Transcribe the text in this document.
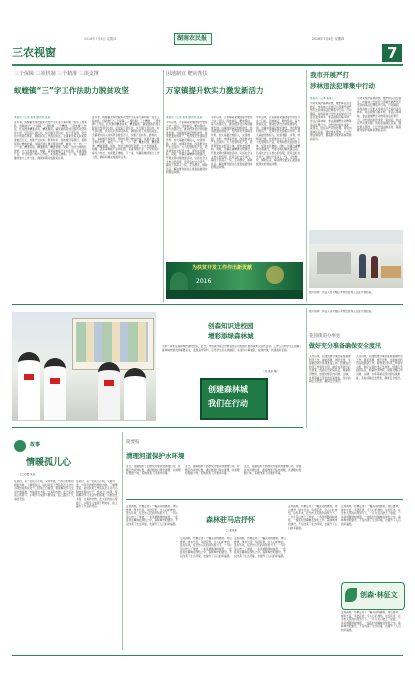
2016年7月8日 星期四	湖南农民报	2016年7月8日 星期四
三农视窗	7
三个保障 三项机制 三个精准 三项支撑
蚁蝰镇“三”字工作法助力脱贫攻坚
本报讯（记者 某某 通讯员 某某）
近年来，蚁蝰镇坚持把脱贫攻坚作为头等大事和第一民生工程来抓，创新推行“三个保障、三项机制、三个精准、三项支撑”工作法，扎实推进精准扶贫、精准脱贫。镇党委政府成立脱贫攻坚领导小组，层层签订责任状，实行镇干部包村、村干部包组、党员包户的责任体系，确保扶贫工作落到实处。全镇累计投入扶贫资金数百万元，实施产业扶贫、教育扶贫、易地搬迁等项目，帮助贫困户增收致富。该镇还建立健全帮扶台账，做到一户一档、一户一策，精准识别、精准施策、精准管理。同时，依托当地特色资源，大力发展油茶、柑橘、蔬菜等种植产业和生猪、家禽养殖产业，引导贫困户参与合作社，实现稳定增收。下一步，该镇将继续加大工作力度，确保如期完成脱贫任务。
近年来，蚁蝰镇坚持把脱贫攻坚作为头等大事和第一民生工程来抓，创新推行“三个保障、三项机制、三个精准、三项支撑”工作法，扎实推进精准扶贫、精准脱贫。镇党委政府成立脱贫攻坚领导小组，层层签订责任状，实行镇干部包村、村干部包组、党员包户的责任体系，确保扶贫工作落到实处。全镇累计投入扶贫资金数百万元，实施产业扶贫、教育扶贫、易地搬迁等项目，帮助贫困户增收致富。该镇还建立健全帮扶台账，做到一户一档、一户一策，精准识别、精准施策、精准管理。同时，依托当地特色资源，大力发展油茶、柑橘、蔬菜等种植产业和生猪、家禽养殖产业，引导贫困户参与合作社，实现稳定增收。下一步，该镇将继续加大工作力度，确保如期完成脱贫任务。
因地制宜 靶向帮扶
万家镇提升软实力激发新活力
本报讯（记者 某某 通讯员 某某）
今年以来，万家镇紧紧围绕提升软实力这一目标，因地制宜，靶向帮扶，着力改善民生，推动经济社会持续健康发展。该镇加强基层组织建设，选优配强村级班子，发挥党员先锋模范作用；加大基础设施投入，完善道路、水利、电网等设施，改善群众生产生活条件；大力发展特色产业，培育新型农业经营主体，促进农民增收。同时，该镇注重精神文明建设，开展文明村镇创建活动，弘扬社会主义核心价值观，营造良好社会风气。镇村干部深入一线，走访群众，倾听民意，解决群众最关心最直接最现实的利益问题。
今年以来，万家镇紧紧围绕提升软实力这一目标，因地制宜，靶向帮扶，着力改善民生，推动经济社会持续健康发展。该镇加强基层组织建设，选优配强村级班子，发挥党员先锋模范作用；加大基础设施投入，完善道路、水利、电网等设施，改善群众生产生活条件；大力发展特色产业，培育新型农业经营主体，促进农民增收。同时，该镇注重精神文明建设，开展文明村镇创建活动，弘扬社会主义核心价值观，营造良好社会风气。镇村干部深入一线，走访群众，倾听民意，解决群众最关心最直接最现实的利益问题。
今年以来，万家镇紧紧围绕提升软实力这一目标，因地制宜，靶向帮扶，着力改善民生，推动经济社会持续健康发展。该镇加强基层组织建设，选优配强村级班子，发挥党员先锋模范作用；加大基础设施投入，完善道路、水利、电网等设施，改善群众生产生活条件；大力发展特色产业，培育新型农业经营主体，促进农民增收。同时，该镇注重精神文明建设，开展文明村镇创建活动，弘扬社会主义核心价值观，营造良好社会风气。镇村干部深入一线，走访群众，倾听民意，解决群众最关心最直接最现实的利益问题。
为扶贫开发工作作出新贡献
2016
我市开展严打
涉林违法犯罪集中行动
本报讯（记者 某某）
为切实保护森林资源，维护林区治安稳定，市森林公安局近日部署开展严厉打击涉林违法犯罪集中行动。行动期间，各级森林公安机关将重点打击盗伐滥伐林木、非法收购运输木材、非法占用林地、非法猎捕野生动物等违法犯罪行为，对发现的案件线索一查到底，依法从严从快处理。同时加强林区巡查，强化源头管控，广泛开展法制宣传，提高群众保护森林资源的意识。
为切实保护森林资源，维护林区治安稳定，市森林公安局近日部署开展严厉打击涉林违法犯罪集中行动。行动期间，各级森林公安机关将重点打击盗伐滥伐林木、非法收购运输木材、非法占用林地、非法猎捕野生动物等违法犯罪行为，对发现的案件线索一查到底，依法从严从快处理。同时加强林区巡查，强化源头管控，广泛开展法制宣传，提高群众保护森林资源的意识。
图片说明：执法人员对辖区木材经营加工企业开展检查。
创森知识进校园
增彩添绿森林城
为进一步普及森林城市建设知识，近日，市创森办联合市林业局走进校园开展创森知识宣传活动。工作人员向学生们讲解了森林城市建设的重要意义，发放宣传资料，引导学生们从我做起，从身边小事做起，爱绿护绿，共建美好家园。
（吴 某某 摄）
创建森林城
我们在行动
图片说明：执法人员对辖区木材经营加工企业开展检查。
花园街道办事处
做好充分准备确保安全度汛
入汛以来，花园街道办事处高度重视防汛工作，提前部署，周密安排，全面做好防汛各项准备工作。街道成立防汛工作领导小组，制定完善防汛应急预案，组建应急抢险队伍，储备防汛物资，加强对辖区内河道、山塘、水库等重点部位的巡查排查，及时消除安全隐患，确保安全度汛。
入汛以来，花园街道办事处高度重视防汛工作，提前部署，周密安排，全面做好防汛各项准备工作。街道成立防汛工作领导小组，制定完善防汛应急预案，组建应急抢险队伍，储备防汛物资，加强对辖区内河道、山塘、水库等重点部位的巡查排查，及时消除安全隐患，确保安全度汛。
故事
情暖孤儿心
□ 文/图 某某
在某村，有一位孤儿小明，父母早逝，与年迈的奶奶相依为命。了解情况后，驻村扶贫工作队队员主动与小明结成帮扶对子，经常上门看望，帮助解决学习生活中的困难，为他送去书包、文具和衣物。在大家的关心帮助下，小明学习成绩不断进步，脸上露出了久违的笑容。
在某村，有一位孤儿小明，父母早逝，与年迈的奶奶相依为命。了解情况后，驻村扶贫工作队队员主动与小明结成帮扶对子，经常上门看望，帮助解决学习生活中的困难，为他送去书包、文具和衣物。在大家的关心帮助下，小明学习成绩不断进步，脸上露出了久违的笑容。
简要报
清理河道保护水环境
近日，某镇组织干部群众开展河道清理行动，对辖区内河道垃圾、漂浮物进行集中清理，共清理垃圾数十吨，有效改善了河道水环境。
近日，某镇组织干部群众开展河道清理行动，对辖区内河道垃圾、漂浮物进行集中清理，共清理垃圾数十吨，有效改善了河道水环境。
近日，某镇组织干部群众开展河道清理行动，对辖区内河道垃圾、漂浮物进行集中清理，共清理垃圾数十吨，有效改善了河道水环境。
森林驻马店抒怀
□ 某某某
走进森林，仿佛走进了一幅流动的画卷。青山叠翠，绿水长流，鸟语花香，令人心旷神怡。这些年来，在全市人民的共同努力下，一片片荒山披上了绿装，一条条道路绿树成荫，一座座村庄掩映在绿色之中。森林城市的建设，不仅改善了生态环境，也提升了人们的幸福感。
走进森林，仿佛走进了一幅流动的画卷。青山叠翠，绿水长流，鸟语花香，令人心旷神怡。这些年来，在全市人民的共同努力下，一片片荒山披上了绿装，一条条道路绿树成荫，一座座村庄掩映在绿色之中。森林城市的建设，不仅改善了生态环境，也提升了人们的幸福感。
走进森林，仿佛走进了一幅流动的画卷。青山叠翠，绿水长流，鸟语花香，令人心旷神怡。这些年来，在全市人民的共同努力下，一片片荒山披上了绿装，一条条道路绿树成荫，一座座村庄掩映在绿色之中。森林城市的建设，不仅改善了生态环境，也提升了人们的幸福感。
走进森林，仿佛走进了一幅流动的画卷。青山叠翠，绿水长流，鸟语花香，令人心旷神怡。这些年来，在全市人民的共同努力下，一片片荒山披上了绿装，一条条道路绿树成荫，一座座村庄掩映在绿色之中。森林城市的建设，不仅改善了生态环境，也提升了人们的幸福感。
走进森林，仿佛走进了一幅流动的画卷。青山叠翠，绿水长流，鸟语花香，令人心旷神怡。这些年来，在全市人民的共同努力下，一片片荒山披上了绿装，一条条道路绿树成荫，一座座村庄掩映在绿色之中。森林城市的建设，不仅改善了生态环境，也提升了人们的幸福感。
创森·林征文
走进森林，仿佛走进了一幅流动的画卷。青山叠翠，绿水长流，鸟语花香，令人心旷神怡。这些年来，在全市人民的共同努力下，一片片荒山披上了绿装，一条条道路绿树成荫，一座座村庄掩映在绿色之中。森林城市的建设，不仅改善了生态环境，也提升了人们的幸福感。
